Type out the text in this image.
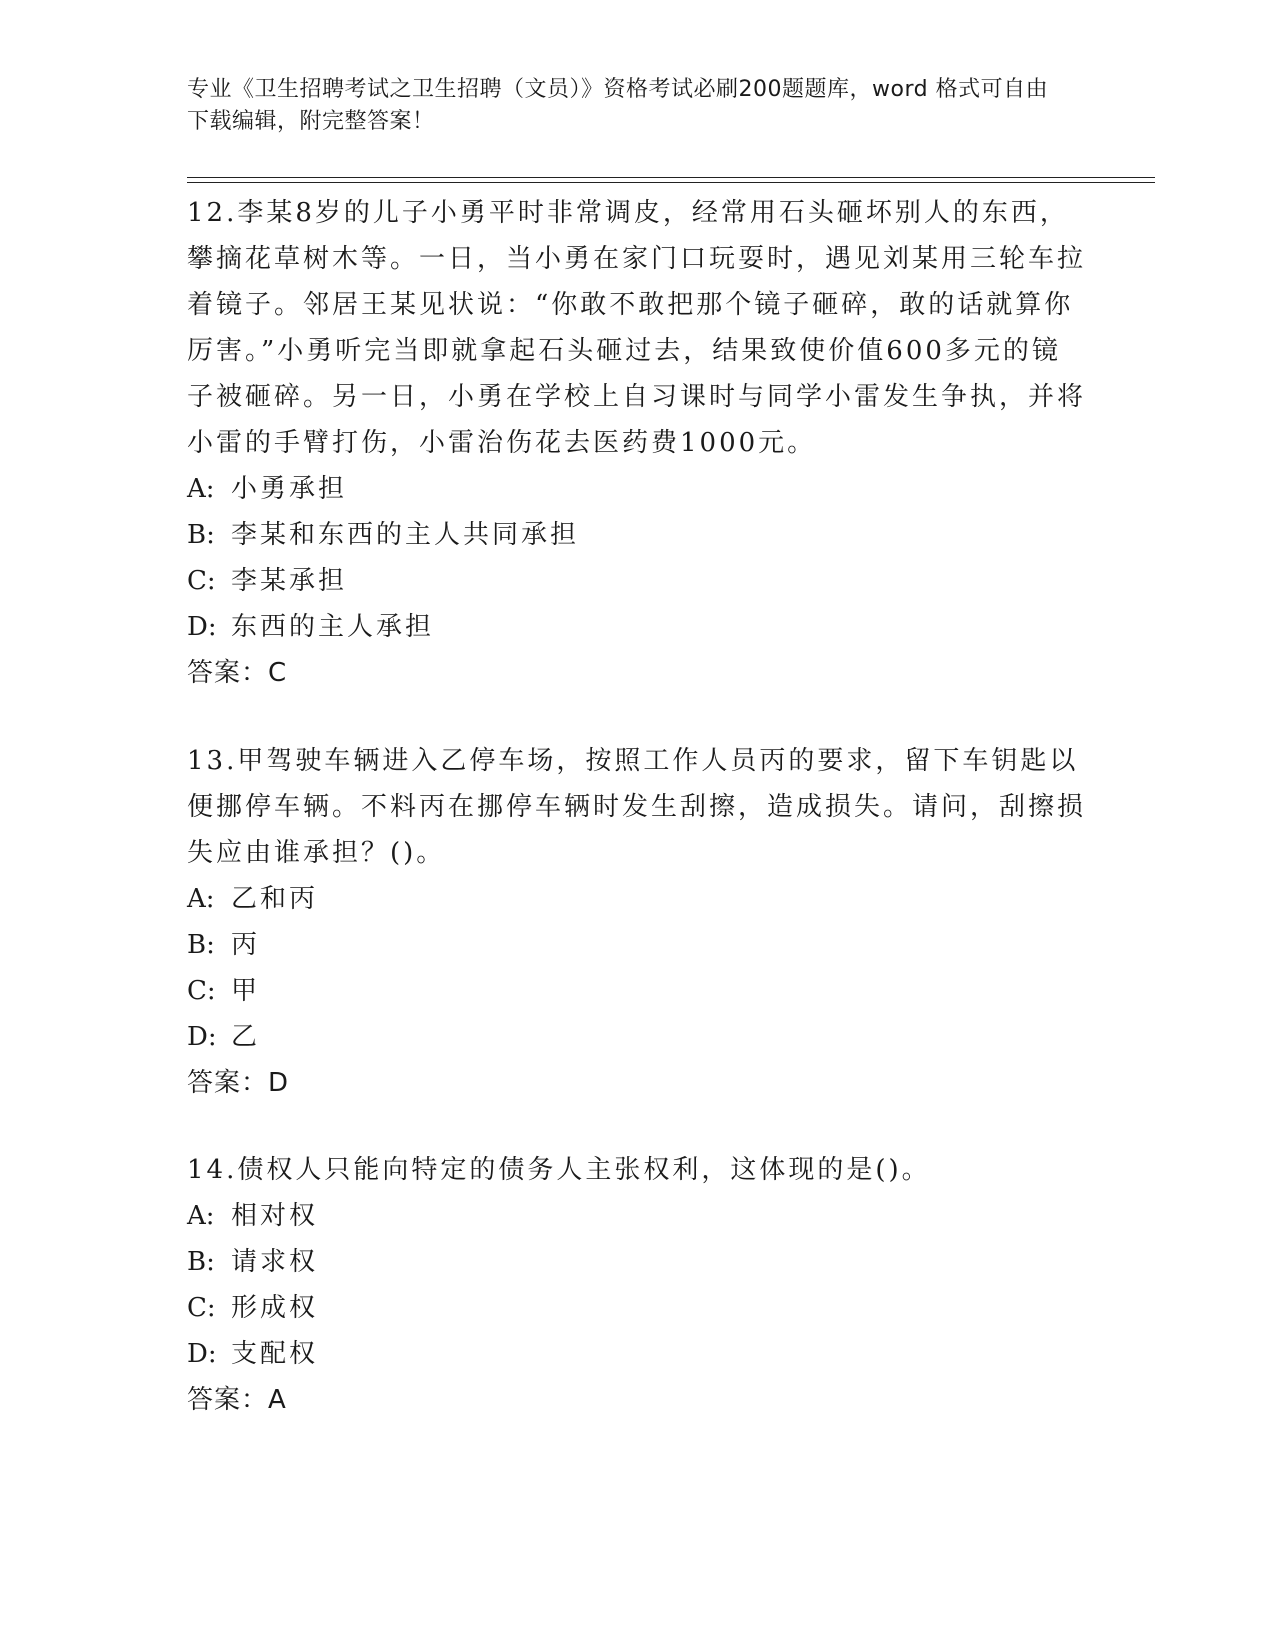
专业《卫生招聘考试之卫生招聘（文员）》资格考试必刷200题题库，word 格式可自由下载编辑，附完整答案！

12.李某8岁的儿子小勇平时非常调皮，经常用石头砸坏别人的东西，攀摘花草树木等。一日，当小勇在家门口玩耍时，遇见刘某用三轮车拉着镜子。邻居王某见状说：“你敢不敢把那个镜子砸碎，敢的话就算你厉害。”小勇听完当即就拿起石头砸过去，结果致使价值600多元的镜子被砸碎。另一日，小勇在学校上自习课时与同学小雷发生争执，并将小雷的手臂打伤，小雷治伤花去医药费1000元。

A: 小勇承担

B: 李某和东西的主人共同承担

C: 李某承担

D: 东西的主人承担

答案：C

13.甲驾驶车辆进入乙停车场，按照工作人员丙的要求，留下车钥匙以便挪停车辆。不料丙在挪停车辆时发生刮擦，造成损失。请问，刮擦损失应由谁承担？()。

A: 乙和丙

B: 丙

C: 甲

D: 乙

答案：D

14.债权人只能向特定的债务人主张权利，这体现的是()。

A: 相对权

B: 请求权

C: 形成权

D: 支配权

答案：A
